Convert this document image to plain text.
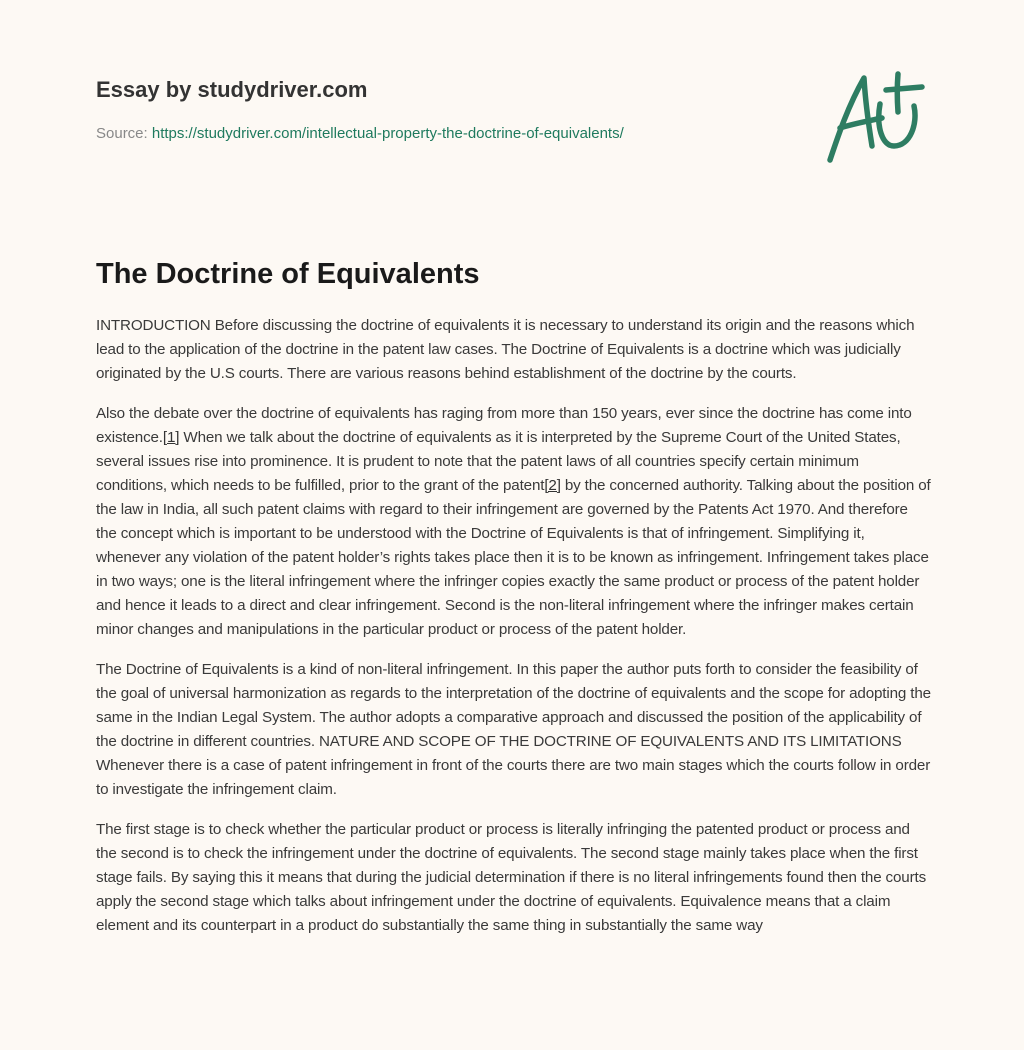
Essay by studydriver.com
Source: https://studydriver.com/intellectual-property-the-doctrine-of-equivalents/
The Doctrine of Equivalents

INTRODUCTION Before discussing the doctrine of equivalents it is necessary to understand its origin and the reasons which lead to the application of the doctrine in the patent law cases. The Doctrine of Equivalents is a doctrine which was judicially originated by the U.S courts. There are various reasons behind establishment of the doctrine by the courts.

Also the debate over the doctrine of equivalents has raging from more than 150 years, ever since the doctrine has come into existence.[1] When we talk about the doctrine of equivalents as it is interpreted by the Supreme Court of the United States, several issues rise into prominence. It is prudent to note that the patent laws of all countries specify certain minimum conditions, which needs to be fulfilled, prior to the grant of the patent[2] by the concerned authority. Talking about the position of the law in India, all such patent claims with regard to their infringement are governed by the Patents Act 1970. And therefore the concept which is important to be understood with the Doctrine of Equivalents is that of infringement. Simplifying it, whenever any violation of the patent holder’s rights takes place then it is to be known as infringement. Infringement takes place in two ways; one is the literal infringement where the infringer copies exactly the same product or process of the patent holder and hence it leads to a direct and clear infringement. Second is the non-literal infringement where the infringer makes certain minor changes and manipulations in the particular product or process of the patent holder.

The Doctrine of Equivalents is a kind of non-literal infringement. In this paper the author puts forth to consider the feasibility of the goal of universal harmonization as regards to the interpretation of the doctrine of equivalents and the scope for adopting the same in the Indian Legal System. The author adopts a comparative approach and discussed the position of the applicability of the doctrine in different countries. NATURE AND SCOPE OF THE DOCTRINE OF EQUIVALENTS AND ITS LIMITATIONS Whenever there is a case of patent infringement in front of the courts there are two main stages which the courts follow in order to investigate the infringement claim.

The first stage is to check whether the particular product or process is literally infringing the patented product or process and the second is to check the infringement under the doctrine of equivalents. The second stage mainly takes place when the first stage fails. By saying this it means that during the judicial determination if there is no literal infringements found then the courts apply the second stage which talks about infringement under the doctrine of equivalents. Equivalence means that a claim element and its counterpart in a product do substantially the same thing in substantially the same way
